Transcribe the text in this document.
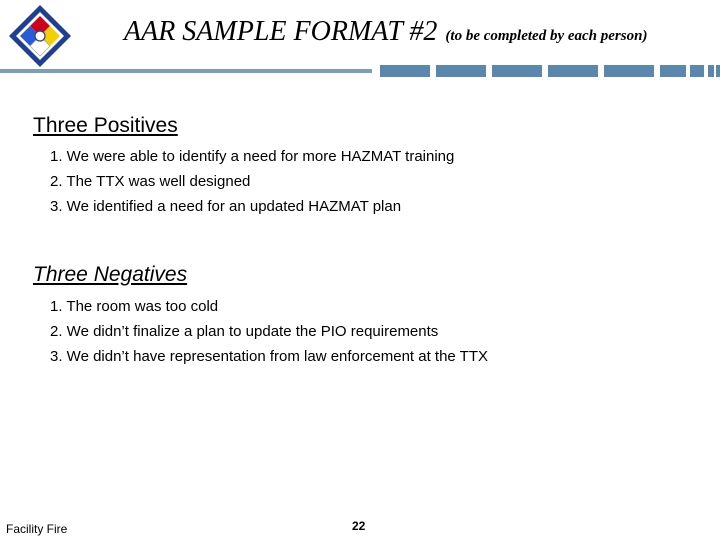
AAR SAMPLE FORMAT #2 (to be completed by each person)
Three Positives
1. We were able to identify a need for more HAZMAT training
2. The TTX was well designed
3. We identified a need for an updated HAZMAT plan
Three Negatives
1. The room was too cold
2. We didn’t finalize a plan to update the PIO requirements
3. We didn’t have representation from law enforcement at the TTX
Facility Fire	22
